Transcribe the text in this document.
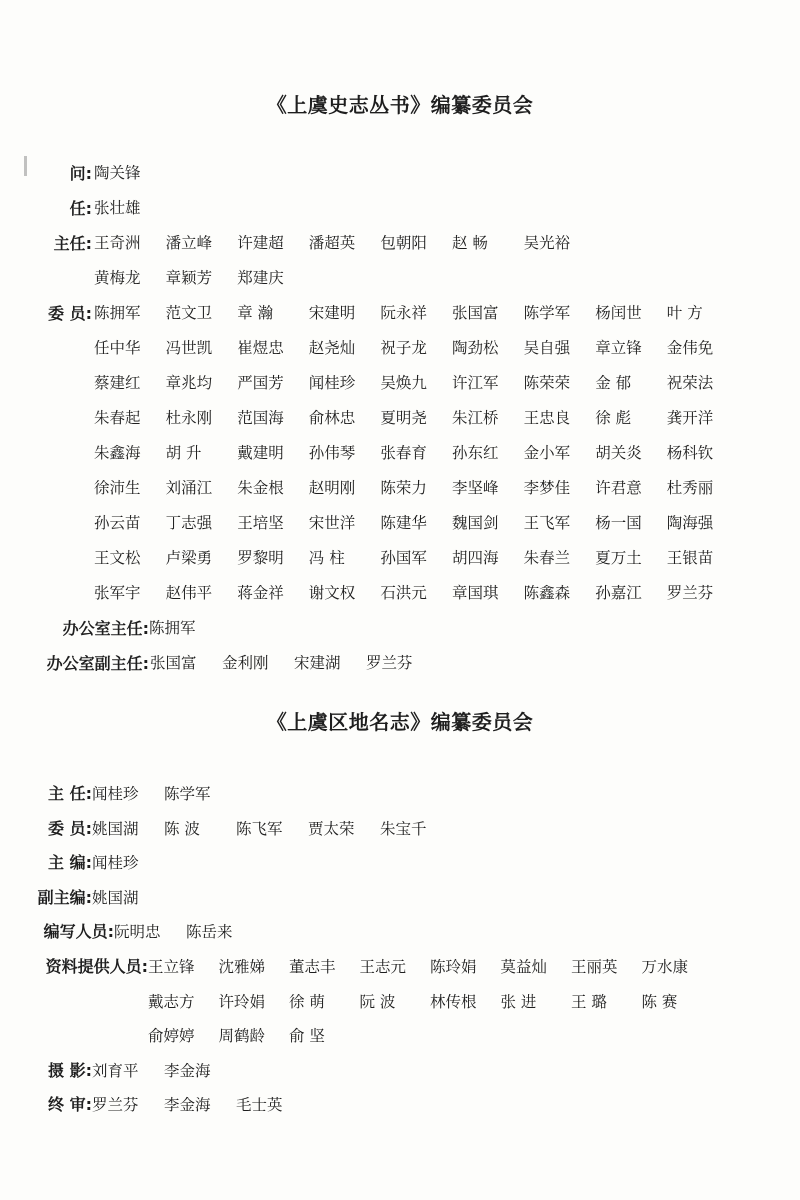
《上虞史志丛书》编纂委员会
问: 陶关锋
任: 张壮雄
主任: 王奇洲 潘立峰 许建超 潘超英 包朝阳 赵 畅 吴光裕
黄梅龙 章颖芳 郑建庆
委 员: 陈拥军 范文卫 章 瀚 宋建明 阮永祥 张国富 陈学军 杨闰世 叶 方
任中华 冯世凯 崔煜忠 赵尧灿 祝子龙 陶劲松 吴自强 章立锋 金伟免
蔡建红 章兆均 严国芳 闻桂珍 吴焕九 许江军 陈荣荣 金 郁 祝荣法
朱春起 杜永刚 范国海 俞林忠 夏明尧 朱江桥 王忠良 徐 彪 龚开洋
朱鑫海 胡 升 戴建明 孙伟琴 张春育 孙东红 金小军 胡关炎 杨科钦
徐沛生 刘涌江 朱金根 赵明刚 陈荣力 李坚峰 李梦佳 许君意 杜秀丽
孙云苗 丁志强 王培坚 宋世洋 陈建华 魏国剑 王飞军 杨一国 陶海强
王文松 卢梁勇 罗黎明 冯 柱 孙国军 胡四海 朱春兰 夏万土 王银苗
张军宇 赵伟平 蒋金祥 谢文权 石洪元 章国琪 陈鑫森 孙嘉江 罗兰芬
办公室主任: 陈拥军
办公室副主任: 张国富 金利刚 宋建湖 罗兰芬
《上虞区地名志》编纂委员会
主 任: 闻桂珍 陈学军
委 员: 姚国湖 陈 波 陈飞军 贾太荣 朱宝千
主 编: 闻桂珍
副主编: 姚国湖
编写人员: 阮明忠 陈岳来
资料提供人员: 王立锋 沈雅娣 董志丰 王志元 陈玲娟 莫益灿 王丽英 万水康
戴志方 许玲娟 徐 萌 阮 波 林传根 张 进 王 璐 陈 赛
俞婷婷 周鹤龄 俞 坚
摄 影: 刘育平 李金海
终 审: 罗兰芬 李金海 毛士英
